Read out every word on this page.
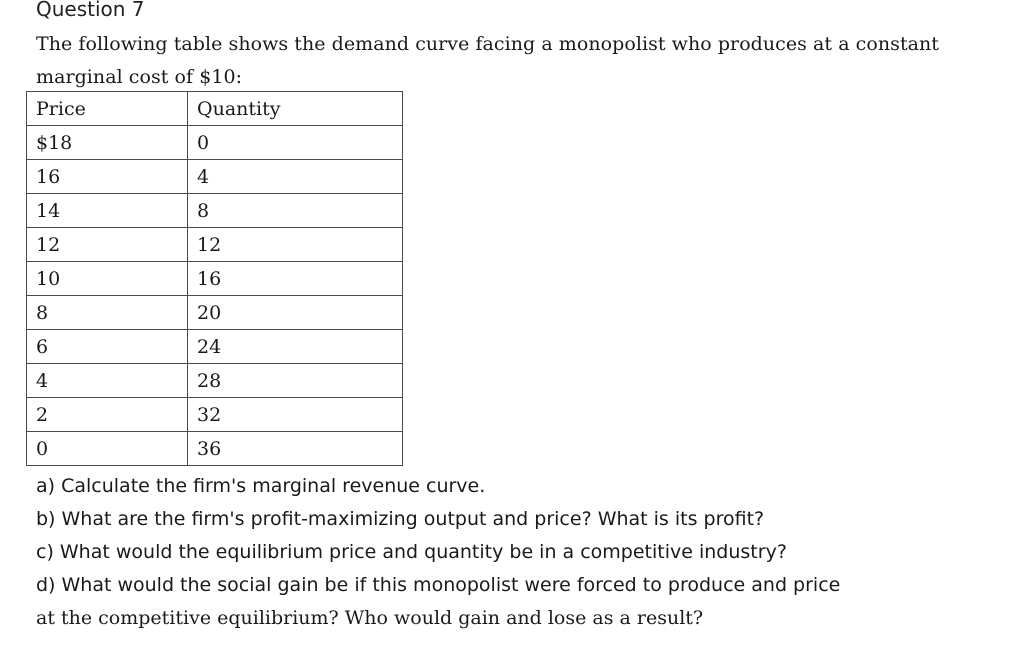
Question 7
The following table shows the demand curve facing a monopolist who produces at a constant marginal cost of $10:
Price	Quantity
$18	0
16	4
14	8
12	12
10	16
8	20
6	24
4	28
2	32
0	36

a) Calculate the firm's marginal revenue curve.

b) What are the firm's profit-maximizing output and price? What is its profit?

c) What would the equilibrium price and quantity be in a competitive industry?

d) What would the social gain be if this monopolist were forced to produce and price

at the competitive equilibrium? Who would gain and lose as a result?
